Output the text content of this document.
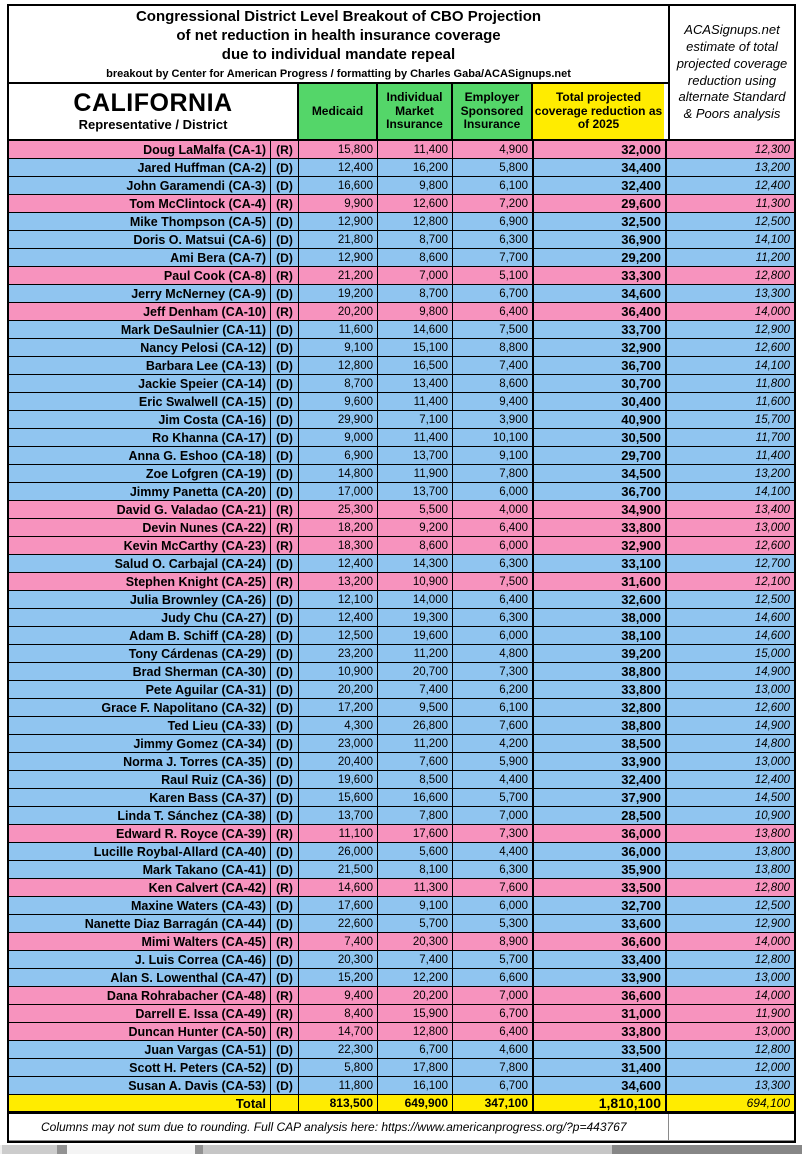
Congressional District Level Breakout of CBO Projection
of net reduction in health insurance coverage
due to individual mandate repeal
breakout by Center for American Progress / formatting by Charles Gaba/ACASignups.net
CALIFORNIA
Representative / District
Medicaid
Individual Market Insurance
Employer Sponsored Insurance
Total projected coverage reduction as of 2025
ACASignups.net estimate of total projected coverage reduction using alternate Standard & Poors analysis
Doug LaMalfa (CA-1) (R)	15,800	11,400	4,900	32,000	12,300
Jared Huffman (CA-2) (D)	12,400	16,200	5,800	34,400	13,200
John Garamendi (CA-3) (D)	16,600	9,800	6,100	32,400	12,400
Tom McClintock (CA-4) (R)	9,900	12,600	7,200	29,600	11,300
Mike Thompson (CA-5) (D)	12,900	12,800	6,900	32,500	12,500
Doris O. Matsui (CA-6) (D)	21,800	8,700	6,300	36,900	14,100
Ami Bera (CA-7) (D)	12,900	8,600	7,700	29,200	11,200
Paul Cook (CA-8) (R)	21,200	7,000	5,100	33,300	12,800
Jerry McNerney (CA-9) (D)	19,200	8,700	6,700	34,600	13,300
Jeff Denham (CA-10) (R)	20,200	9,800	6,400	36,400	14,000
Mark DeSaulnier (CA-11) (D)	11,600	14,600	7,500	33,700	12,900
Nancy Pelosi (CA-12) (D)	9,100	15,100	8,800	32,900	12,600
Barbara Lee (CA-13) (D)	12,800	16,500	7,400	36,700	14,100
Jackie Speier (CA-14) (D)	8,700	13,400	8,600	30,700	11,800
Eric Swalwell (CA-15) (D)	9,600	11,400	9,400	30,400	11,600
Jim Costa (CA-16) (D)	29,900	7,100	3,900	40,900	15,700
Ro Khanna (CA-17) (D)	9,000	11,400	10,100	30,500	11,700
Anna G. Eshoo (CA-18) (D)	6,900	13,700	9,100	29,700	11,400
Zoe Lofgren (CA-19) (D)	14,800	11,900	7,800	34,500	13,200
Jimmy Panetta (CA-20) (D)	17,000	13,700	6,000	36,700	14,100
David G. Valadao (CA-21) (R)	25,300	5,500	4,000	34,900	13,400
Devin Nunes (CA-22) (R)	18,200	9,200	6,400	33,800	13,000
Kevin McCarthy (CA-23) (R)	18,300	8,600	6,000	32,900	12,600
Salud O. Carbajal (CA-24) (D)	12,400	14,300	6,300	33,100	12,700
Stephen Knight (CA-25) (R)	13,200	10,900	7,500	31,600	12,100
Julia Brownley (CA-26) (D)	12,100	14,000	6,400	32,600	12,500
Judy Chu (CA-27) (D)	12,400	19,300	6,300	38,000	14,600
Adam B. Schiff (CA-28) (D)	12,500	19,600	6,000	38,100	14,600
Tony Cárdenas (CA-29) (D)	23,200	11,200	4,800	39,200	15,000
Brad Sherman (CA-30) (D)	10,900	20,700	7,300	38,800	14,900
Pete Aguilar (CA-31) (D)	20,200	7,400	6,200	33,800	13,000
Grace F. Napolitano (CA-32) (D)	17,200	9,500	6,100	32,800	12,600
Ted Lieu (CA-33) (D)	4,300	26,800	7,600	38,800	14,900
Jimmy Gomez (CA-34) (D)	23,000	11,200	4,200	38,500	14,800
Norma J. Torres (CA-35) (D)	20,400	7,600	5,900	33,900	13,000
Raul Ruiz (CA-36) (D)	19,600	8,500	4,400	32,400	12,400
Karen Bass (CA-37) (D)	15,600	16,600	5,700	37,900	14,500
Linda T. Sánchez (CA-38) (D)	13,700	7,800	7,000	28,500	10,900
Edward R. Royce (CA-39) (R)	11,100	17,600	7,300	36,000	13,800
Lucille Roybal-Allard (CA-40) (D)	26,000	5,600	4,400	36,000	13,800
Mark Takano (CA-41) (D)	21,500	8,100	6,300	35,900	13,800
Ken Calvert (CA-42) (R)	14,600	11,300	7,600	33,500	12,800
Maxine Waters (CA-43) (D)	17,600	9,100	6,000	32,700	12,500
Nanette Diaz Barragán (CA-44) (D)	22,600	5,700	5,300	33,600	12,900
Mimi Walters (CA-45) (R)	7,400	20,300	8,900	36,600	14,000
J. Luis Correa (CA-46) (D)	20,300	7,400	5,700	33,400	12,800
Alan S. Lowenthal (CA-47) (D)	15,200	12,200	6,600	33,900	13,000
Dana Rohrabacher (CA-48) (R)	9,400	20,200	7,000	36,600	14,000
Darrell E. Issa (CA-49) (R)	8,400	15,900	6,700	31,000	11,900
Duncan Hunter (CA-50) (R)	14,700	12,800	6,400	33,800	13,000
Juan Vargas (CA-51) (D)	22,300	6,700	4,600	33,500	12,800
Scott H. Peters (CA-52) (D)	5,800	17,800	7,800	31,400	12,000
Susan A. Davis (CA-53) (D)	11,800	16,100	6,700	34,600	13,300
Total	813,500	649,900	347,100	1,810,100	694,100
Columns may not sum due to rounding. Full CAP analysis here: https://www.americanprogress.org/?p=443767
